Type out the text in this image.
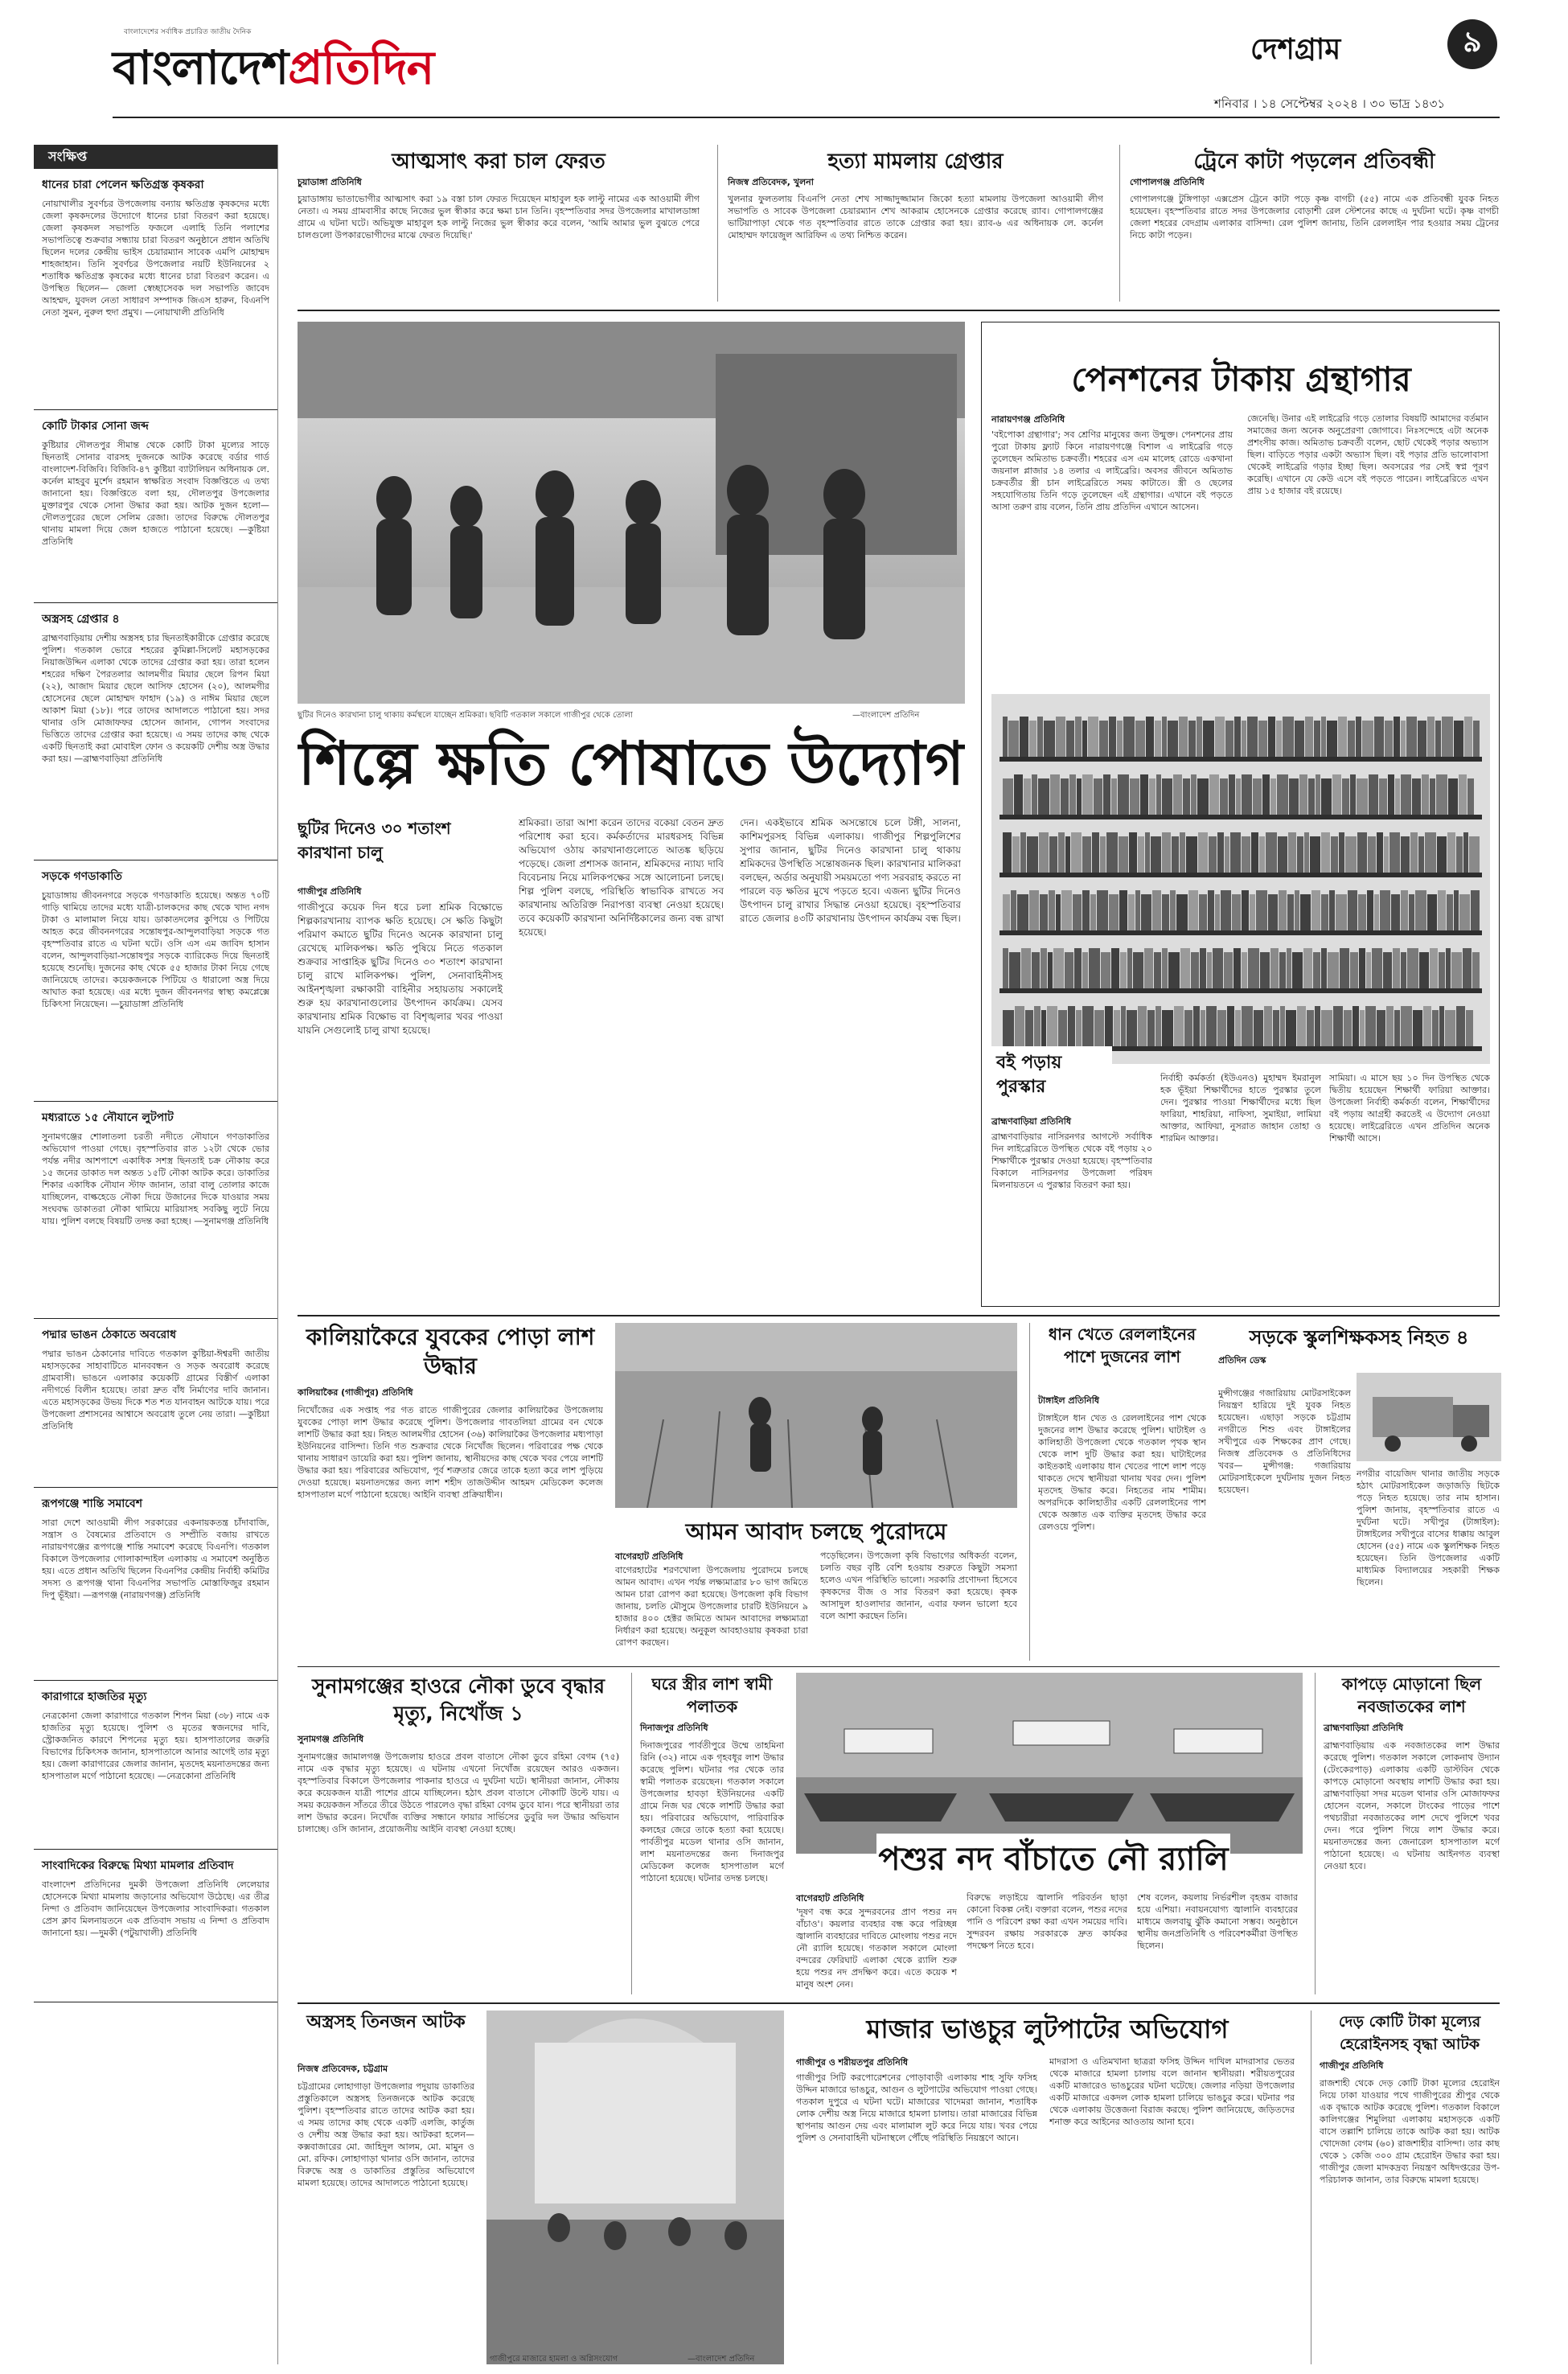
বাংলাদেশের সর্বাধিক প্রচারিত জাতীয় দৈনিক
বাংলাদেশপ্রতিদিন	দেশগ্রাম	৯
শনিবার । ১৪ সেপ্টেম্বর ২০২৪ । ৩০ ভাদ্র ১৪৩১
সংক্ষিপ্ত
ধানের চারা পেলেন ক্ষতিগ্রস্ত কৃষকরা
নোয়াখালীর সুবর্ণচর উপজেলায় বন্যায় ক্ষতিগ্রস্ত কৃষকদের মধ্যে জেলা কৃষকদলের উদ্যোগে ধানের চারা বিতরণ করা হয়েছে। জেলা কৃষকদল সভাপতি ফজলে এলাহি তিনি পলাশের সভাপতিত্বে শুক্রবার সন্ধ্যায় চারা বিতরণ অনুষ্ঠানে প্রধান অতিথি ছিলেন দলের কেন্দ্রীয় ভাইস চেয়ারম্যান সাবেক এমপি মোহাম্মদ শাহজাহান। তিনি সুবর্ণচর উপজেলার নয়টি ইউনিয়নের ২ শতাধিক ক্ষতিগ্রস্ত কৃষকের মধ্যে ধানের চারা বিতরণ করেন। এ উপস্থিত ছিলেন— জেলা স্বেচ্ছাসেবক দল সভাপতি জাবেদ আহম্মদ, যুবদল নেতা সাধারণ সম্পাদক জিএস হারুন, বিএনপি নেতা সুমন, নুরুল হুদা প্রমুখ। —নোয়াখালী প্রতিনিধি
কোটি টাকার সোনা জব্দ
কুষ্টিয়ার দৌলতপুর সীমান্ত থেকে কোটি টাকা মূল্যের সাড়ে ছিনতাই সোনার বারসহ দুজনকে আটক করেছে বর্ডার গার্ড বাংলাদেশ-বিজিবি। বিজিবি-৪৭ কুষ্টিয়া ব্যাটালিয়ন অধিনায়ক লে. কর্নেল মাহবুব মুর্শেদ রহমান স্বাক্ষরিত সংবাদ বিজ্ঞপ্তিতে এ তথ্য জানানো হয়। বিজ্ঞপ্তিতে বলা হয়, দৌলতপুর উপজেলার মুক্তারপুর থেকে সোনা উদ্ধার করা হয়। আটক দুজন হলো— দৌলতপুরের ছেলে সেলিম রেজা। তাদের বিরুদ্ধে দৌলতপুর থানায় মামলা দিয়ে জেল হাজতে পাঠানো হয়েছে। —কুষ্টিয়া প্রতিনিধি
অস্ত্রসহ গ্রেপ্তার ৪
ব্রাহ্মণবাড়িয়ায় দেশীয় অস্ত্রসহ চার ছিনতাইকারীকে গ্রেপ্তার করেছে পুলিশ। গতকাল ভোরে শহরের কুমিল্লা-সিলেট মহাসড়কের নিয়াজউদ্দিন এলাকা থেকে তাদের গ্রেপ্তার করা হয়। তারা হলেন শহরের দক্ষিণ পৈরতলার আলমগীর মিয়ার ছেলে রিপন মিয়া (২২), আজাদ মিয়ার ছেলে আসিফ হোসেন (২০), আলমগীর হোসেনের ছেলে মোহাম্মদ ফাহাদ (১৯) ও নাঈম মিয়ার ছেলে আকাশ মিয়া (১৮)। পরে তাদের আদালতে পাঠানো হয়। সদর থানার ওসি মোজাফফর হোসেন জানান, গোপন সংবাদের ভিত্তিতে তাদের গ্রেপ্তার করা হয়েছে। এ সময় তাদের কাছ থেকে একটি ছিনতাই করা মোবাইল ফোন ও কয়েকটি দেশীয় অস্ত্র উদ্ধার করা হয়। —ব্রাহ্মণবাড়িয়া প্রতিনিধি
সড়কে গণডাকাতি
চুয়াডাঙ্গায় জীবননগরে সড়কে গণডাকাতি হয়েছে। অন্তত ৭০টি গাড়ি থামিয়ে তাদের মধ্যে যাত্রী-চালকদের কাছ থেকে খাদ্য নগদ টাকা ও মালামাল নিয়ে যায়। ডাকাতদলের কুপিয়ে ও পিটিয়ে আহত করে জীবননগরের সন্তোষপুর-আন্দুলবাড়িয়া সড়কে গত বৃহস্পতিবার রাতে এ ঘটনা ঘটে। ওসি এস এম জাবিদ হাসান বলেন, আন্দুলবাড়িয়া-সন্তোষপুর সড়কে ব্যারিকেড দিয়ে ছিনতাই হয়েছে শুনেছি। দুজনের কাছ থেকে ৫৫ হাজার টাকা নিয়ে গেছে জানিয়েছে তাদের। কয়েকজনকে পিটিয়ে ও ধারালো অস্ত্র দিয়ে আঘাত করা হয়েছে। এর মধ্যে দুজন জীবননগর স্বাস্থ্য কমপ্লেক্সে চিকিৎসা নিয়েছেন। —চুয়াডাঙ্গা প্রতিনিধি
মধ্যরাতে ১৫ নৌযানে লুটপাট
সুনামগঞ্জের শোলাতলা চরতী নদীতে নৌযানে গণডাকাতির অভিযোগ পাওয়া গেছে। বৃহস্পতিবার রাত ১২টা থেকে ভোর পর্যন্ত নদীর আশপাশে একাধিক সশস্ত্র ছিনতাই চক্র নৌকায় করে ১৫ জনের ডাকাত দল অন্তত ১৫টি নৌকা আটক করে। ডাকাতির শিকার একাধিক নৌযান স্টাফ জানান, তারা বালু তোলার কাজে যাচ্ছিলেন, বাল্কহেডে নৌকা দিয়ে উজানের দিকে যাওয়ার সময় সংঘবদ্ধ ডাকাতরা নৌকা থামিয়ে মারিয়াসহ সবকিছু লুটে নিয়ে যায়। পুলিশ বলছে বিষয়টি তদন্ত করা হচ্ছে। —সুনামগঞ্জ প্রতিনিধি
পদ্মার ভাঙন ঠেকাতে অবরোধ
পদ্মার ভাঙন ঠেকানোর দাবিতে গতকাল কুষ্টিয়া-ঈশ্বরদী জাতীয় মহাসড়কের সাহাবাটিতে মানববন্ধন ও সড়ক অবরোধ করেছে গ্রামবাসী। ভাঙনে এলাকার কয়েকটি গ্রামের বিস্তীর্ণ এলাকা নদীগর্ভে বিলীন হয়েছে। তারা দ্রুত বাঁধ নির্মাণের দাবি জানান। এতে মহাসড়কের উভয় দিকে শত শত যানবাহন আটকে যায়। পরে উপজেলা প্রশাসনের আশ্বাসে অবরোধ তুলে নেয় তারা। —কুষ্টিয়া প্রতিনিধি
রূপগঞ্জে শান্তি সমাবেশ
সারা দেশে আওয়ামী লীগ সরকারের একনায়কতন্ত্র চাঁদাবাজি, সন্ত্রাস ও বৈষম্যের প্রতিবাদে ও সম্প্রীতি বজায় রাখতে নারায়ণগঞ্জের রূপগঞ্জে শান্তি সমাবেশ করেছে বিএনপি। গতকাল বিকালে উপজেলার গোলাকান্দাইল এলাকায় এ সমাবেশ অনুষ্ঠিত হয়। এতে প্রধান অতিথি ছিলেন বিএনপির কেন্দ্রীয় নির্বাহী কমিটির সদস্য ও রূপগঞ্জ থানা বিএনপির সভাপতি মোস্তাফিজুর রহমান দিপু ভূঁইয়া। —রূপগঞ্জ (নারায়ণগঞ্জ) প্রতিনিধি
কারাগারে হাজতির মৃত্যু
নেত্রকোনা জেলা কারাগারে গতকাল শিপন মিয়া (৩৮) নামে এক হাজতির মৃত্যু হয়েছে। পুলিশ ও মৃতের স্বজনদের দাবি, স্ট্রোকজনিত কারণে শিপনের মৃত্যু হয়। হাসপাতালের জরুরি বিভাগের চিকিৎসক জানান, হাসপাতালে আনার আগেই তার মৃত্যু হয়। জেলা কারাগারের জেলার জানান, মৃতদেহ ময়নাতদন্তের জন্য হাসপাতাল মর্গে পাঠানো হয়েছে। —নেত্রকোনা প্রতিনিধি
সাংবাদিকের বিরুদ্ধে মিথ্যা মামলার প্রতিবাদ
বাংলাদেশ প্রতিদিনের দুমকী উপজেলা প্রতিনিধি লেলেয়ার হোসেনকে মিথ্যা মামলায় জড়ানোর অভিযোগ উঠেছে। এর তীব্র নিন্দা ও প্রতিবাদ জানিয়েছেন উপজেলার সাংবাদিকরা। গতকাল প্রেস ক্লাব মিলনায়তনে এক প্রতিবাদ সভায় এ নিন্দা ও প্রতিবাদ জানানো হয়। —দুমকী (পটুয়াখালী) প্রতিনিধি
আত্মসাৎ করা চাল ফেরত
চুয়াডাঙ্গা প্রতিনিধি
চুয়াডাঙ্গায় ভাতাভোগীর আত্মসাৎ করা ১৯ বস্তা চাল ফেরত দিয়েছেন মাহাবুল হক লাল্টু নামের এক আওয়ামী লীগ নেতা। এ সময় গ্রামবাসীর কাছে নিজের ভুল স্বীকার করে ক্ষমা চান তিনি। বৃহস্পতিবার সদর উপজেলার মাখালডাঙ্গা গ্রামে এ ঘটনা ঘটে। অভিযুক্ত মাহাবুল হক লাল্টু নিজের ভুল স্বীকার করে বলেন, 'আমি আমার ভুল বুঝতে পেরে চালগুলো উপকারভোগীদের মাঝে ফেরত দিয়েছি।'
হত্যা মামলায় গ্রেপ্তার
নিজস্ব প্রতিবেদক, খুলনা
খুলনার ফুলতলায় বিএনপি নেতা শেখ সাজ্জাদুজ্জামান জিকো হত্যা মামলায় উপজেলা আওয়ামী লীগ সভাপতি ও সাবেক উপজেলা চেয়ারম্যান শেখ আকরাম হোসেনকে গ্রেপ্তার করেছে র‍্যাব। গোপালগঞ্জের ভাটিয়াপাড়া থেকে গত বৃহস্পতিবার রাতে তাকে গ্রেপ্তার করা হয়। র‍্যাব-৬ এর অধিনায়ক লে. কর্নেল মোহাম্মদ ফায়েজুল আরিফিন এ তথ্য নিশ্চিত করেন।
ট্রেনে কাটা পড়লেন প্রতিবন্ধী
গোপালগঞ্জ প্রতিনিধি
গোপালগঞ্জে টুঙ্গিপাড়া এক্সপ্রেস ট্রেনে কাটা পড়ে কৃষ্ণ বাগচী (৫৫) নামে এক প্রতিবন্ধী যুবক নিহত হয়েছেন। বৃহস্পতিবার রাতে সদর উপজেলার বোড়াশী রেল স্টেশনের কাছে এ দুর্ঘটনা ঘটে। কৃষ্ণ বাগচী জেলা শহরের বেদগ্রাম এলাকার বাসিন্দা। রেল পুলিশ জানায়, তিনি রেললাইন পার হওয়ার সময় ট্রেনের নিচে কাটা পড়েন।
ছুটির দিনেও কারখানা চালু থাকায় কর্মস্থলে যাচ্ছেন শ্রমিকরা। ছবিটি গতকাল সকালে গাজীপুর থেকে তোলা	—বাংলাদেশ প্রতিদিন
শিল্পে ক্ষতি পোষাতে উদ্যোগ
ছুটির দিনেও ৩০ শতাংশ কারখানা চালু
গাজীপুর প্রতিনিধি
গাজীপুরে কয়েক দিন ধরে চলা শ্রমিক বিক্ষোভে শিল্পকারখানায় ব্যাপক ক্ষতি হয়েছে। সে ক্ষতি কিছুটা পরিমাণ কমাতে ছুটির দিনেও অনেক কারখানা চালু রেখেছে মালিকপক্ষ। ক্ষতি পুষিয়ে নিতে গতকাল শুক্রবার সাপ্তাহিক ছুটির দিনেও ৩০ শতাংশ কারখানা চালু রাখে মালিকপক্ষ। পুলিশ, সেনাবাহিনীসহ আইনশৃঙ্খলা রক্ষাকারী বাহিনীর সহায়তায় সকালেই শুরু হয় কারখানাগুলোর উৎপাদন কার্যক্রম। যেসব কারখানায় শ্রমিক বিক্ষোভ বা বিশৃঙ্খলার খবর পাওয়া যায়নি সেগুলোই চালু রাখা হয়েছে।
শ্রমিকরা। তারা আশা করেন তাদের বকেয়া বেতন দ্রুত পরিশোধ করা হবে। কর্মকর্তাদের মারধরসহ বিভিন্ন অভিযোগ ওঠায় কারখানাগুলোতে আতঙ্ক ছড়িয়ে পড়েছে। জেলা প্রশাসক জানান, শ্রমিকদের ন্যায্য দাবি বিবেচনায় নিয়ে মালিকপক্ষের সঙ্গে আলোচনা চলছে। শিল্প পুলিশ বলছে, পরিস্থিতি স্বাভাবিক রাখতে সব কারখানায় অতিরিক্ত নিরাপত্তা ব্যবস্থা নেওয়া হয়েছে। তবে কয়েকটি কারখানা অনির্দিষ্টকালের জন্য বন্ধ রাখা হয়েছে।
দেন। একইভাবে শ্রমিক অসন্তোষে চলে টঙ্গী, সালনা, কাশিমপুরসহ বিভিন্ন এলাকায়। গাজীপুর শিল্পপুলিশের সুপার জানান, ছুটির দিনেও কারখানা চালু থাকায় শ্রমিকদের উপস্থিতি সন্তোষজনক ছিল। কারখানার মালিকরা বলছেন, অর্ডার অনুযায়ী সময়মতো পণ্য সরবরাহ করতে না পারলে বড় ক্ষতির মুখে পড়তে হবে। এজন্য ছুটির দিনেও উৎপাদন চালু রাখার সিদ্ধান্ত নেওয়া হয়েছে। বৃহস্পতিবার রাতে জেলার ৪৩টি কারখানায় উৎপাদন কার্যক্রম বন্ধ ছিল।
পেনশনের টাকায় গ্রন্থাগার
নারায়ণগঞ্জ প্রতিনিধি
'বইপোকা গ্রন্থাগার'; সব শ্রেণির মানুষের জন্য উন্মুক্ত। পেনশনের প্রায় পুরো টাকায় ফ্ল্যাট কিনে নারায়ণগঞ্জে বিশাল এ লাইব্রেরি গড়ে তুলেছেন অমিতাভ চক্রবর্তী। শহরের এস এম মালেহ রোডে একখানা জয়নাল প্লাজার ১৪ তলার এ লাইব্রেরি। অবসর জীবনে অমিতাভ চক্রবর্তীর স্ত্রী চান লাইব্রেরিতে সময় কাটাতে। স্ত্রী ও ছেলের সহযোগিতায় তিনি গড়ে তুলেছেন এই গ্রন্থাগার। এখানে বই পড়তে আসা তরুণ রায় বলেন, তিনি প্রায় প্রতিদিন এখানে আসেন।
জেনেছি। উনার এই লাইব্রেরি গড়ে তোলার বিষয়টি আমাদের বর্তমান সমাজের জন্য অনেক অনুপ্রেরণা জোগাবে। নিঃসন্দেহে এটা অনেক প্রশংসীয় কাজ। অমিতাভ চক্রবর্তী বলেন, ছোট থেকেই পড়ার অভ্যাস ছিল। বাড়িতে পড়ার একটা অভ্যাস ছিল। বই পড়ার প্রতি ভালোবাসা থেকেই লাইব্রেরি গড়ার ইচ্ছা ছিল। অবসরের পর সেই স্বপ্ন পূরণ করেছি। এখানে যে কেউ এসে বই পড়তে পারেন। লাইব্রেরিতে এখন প্রায় ১৫ হাজার বই রয়েছে।
বই পড়ায় পুরস্কার
ব্রাহ্মণবাড়িয়া প্রতিনিধি
ব্রাহ্মণবাড়িয়ার নাসিরনগর আগস্টে সর্বাধিক দিন লাইব্রেরিতে উপস্থিত থেকে বই পড়ায় ২০ শিক্ষার্থীকে পুরস্কার দেওয়া হয়েছে। বৃহস্পতিবার বিকালে নাসিরনগর উপজেলা পরিষদ মিলনায়তনে এ পুরস্কার বিতরণ করা হয়।
নির্বাহী কর্মকর্তা (ইউএনও) মুহাম্মদ ইমরানুল হক ভূঁইয়া শিক্ষার্থীদের হাতে পুরস্কার তুলে দেন। পুরস্কার পাওয়া শিক্ষার্থীদের মধ্যে ছিল ফারিয়া, শাহরিয়া, নাফিসা, সুমাইয়া, লামিয়া আক্তার, আফিয়া, নুসরাত জাহান তোহা ও শারমিন আক্তার।
সামিয়া। এ মাসে ছয় ১০ দিন উপস্থিত থেকে দ্বিতীয় হয়েছেন শিক্ষার্থী ফারিয়া আক্তার। উপজেলা নির্বাহী কর্মকর্তা বলেন, শিক্ষার্থীদের বই পড়ায় আগ্রহী করতেই এ উদ্যোগ নেওয়া হয়েছে। লাইব্রেরিতে এখন প্রতিদিন অনেক শিক্ষার্থী আসে।
কালিয়াকৈরে যুবকের পোড়া লাশ উদ্ধার
কালিয়াকৈর (গাজীপুর) প্রতিনিধি
নিখোঁজের এক সপ্তাহ পর গত রাতে গাজীপুরের জেলার কালিয়াকৈর উপজেলায় যুবকের পোড়া লাশ উদ্ধার করেছে পুলিশ। উপজেলার গাবতলিয়া গ্রামের বন থেকে লাশটি উদ্ধার করা হয়। নিহত আলমগীর হোসেন (৩৬) কালিয়াকৈর উপজেলার মধ্যপাড়া ইউনিয়নের বাসিন্দা। তিনি গত শুক্রবার থেকে নিখোঁজ ছিলেন। পরিবারের পক্ষ থেকে থানায় সাধারণ ডায়েরি করা হয়। পুলিশ জানায়, স্থানীয়দের কাছ থেকে খবর পেয়ে লাশটি উদ্ধার করা হয়। পরিবারের অভিযোগ, পূর্ব শত্রুতার জেরে তাকে হত্যা করে লাশ পুড়িয়ে দেওয়া হয়েছে। ময়নাতদন্তের জন্য লাশ শহীদ তাজউদ্দীন আহমদ মেডিকেল কলেজ হাসপাতাল মর্গে পাঠানো হয়েছে। আইনি ব্যবস্থা প্রক্রিয়াধীন।
আমন আবাদ চলছে পুরোদমে
বাগেরহাট প্রতিনিধি
বাগেরহাটের শরণখোলা উপজেলায় পুরোদমে চলছে আমন আবাদ। এখন পর্যন্ত লক্ষ্যমাত্রার ৮০ ভাগ জমিতে আমন চারা রোপণ করা হয়েছে। উপজেলা কৃষি বিভাগ জানায়, চলতি মৌসুমে উপজেলার চারটি ইউনিয়নে ৯ হাজার ৪০০ হেক্টর জমিতে আমন আবাদের লক্ষ্যমাত্রা নির্ধারণ করা হয়েছে। অনুকূল আবহাওয়ায় কৃষকরা চারা রোপণ করছেন।
পড়েছিলেন। উপজেলা কৃষি বিভাগের অধিকর্তা বলেন, চলতি বছর বৃষ্টি বেশি হওয়ায় শুরুতে কিছুটা সমস্যা হলেও এখন পরিস্থিতি ভালো। সরকারি প্রণোদনা হিসেবে কৃষকদের বীজ ও সার বিতরণ করা হয়েছে। কৃষক আসাদুল হাওলাদার জানান, এবার ফলন ভালো হবে বলে আশা করছেন তিনি।
ধান খেতে রেললাইনের পাশে দুজনের লাশ
টাঙ্গাইল প্রতিনিধি
টাঙ্গাইলে ধান খেত ও রেললাইনের পাশ থেকে দুজনের লাশ উদ্ধার করেছে পুলিশ। ঘাটাইল ও কালিহাতী উপজেলা থেকে গতকাল পৃথক স্থান থেকে লাশ দুটি উদ্ধার করা হয়। ঘাটাইলের কাইতকাই এলাকায় ধান খেতের পাশে লাশ পড়ে থাকতে দেখে স্থানীয়রা থানায় খবর দেন। পুলিশ মৃতদেহ উদ্ধার করে। নিহতের নাম শামীম। অপরদিকে কালিহাতীর একটি রেললাইনের পাশ থেকে অজ্ঞাত এক ব্যক্তির মৃতদেহ উদ্ধার করে রেলওয়ে পুলিশ।
সড়কে স্কুলশিক্ষকসহ নিহত ৪
প্রতিদিন ডেস্ক
মুন্সীগঞ্জের গজারিয়ায় মোটরসাইকেল নিয়ন্ত্রণ হারিয়ে দুই যুবক নিহত হয়েছেন। এছাড়া সড়কে চট্টগ্রাম নগরীতে শিশু এবং টাঙ্গাইলের সখীপুরে এক শিক্ষকের প্রাণ গেছে। নিজস্ব প্রতিবেদক ও প্রতিনিধিদের খবর— মুন্সীগঞ্জ: গজারিয়ায় মোটরসাইকেলে দুর্ঘটনায় দুজন নিহত হয়েছেন।
নগরীর বায়েজিদ থানার জাতীয় সড়কে হঠাৎ মোটরসাইকেল জড়াজড়ি ছিটকে পড়ে নিহত হয়েছে। তার নাম হাসান। পুলিশ জানায়, বৃহস্পতিবার রাতে এ দুর্ঘটনা ঘটে। সখীপুর (টাঙ্গাইল): টাঙ্গাইলের সখীপুরে বাসের ধাক্কায় আবুল হোসেন (৫৫) নামে এক স্কুলশিক্ষক নিহত হয়েছেন। তিনি উপজেলার একটি মাধ্যমিক বিদ্যালয়ের সহকারী শিক্ষক ছিলেন।
সুনামগঞ্জের হাওরে নৌকা ডুবে বৃদ্ধার মৃত্যু, নিখোঁজ ১
সুনামগঞ্জ প্রতিনিধি
সুনামগঞ্জের জামালগঞ্জ উপজেলায় হাওরে প্রবল বাতাসে নৌকা ডুবে রহিমা বেগম (৭৫) নামে এক বৃদ্ধার মৃত্যু হয়েছে। এ ঘটনায় এখনো নিখোঁজ রয়েছেন আরও একজন। বৃহস্পতিবার বিকালে উপজেলার পাকনার হাওরে এ দুর্ঘটনা ঘটে। স্থানীয়রা জানান, নৌকায় করে কয়েকজন যাত্রী পাশের গ্রামে যাচ্ছিলেন। হঠাৎ প্রবল বাতাসে নৌকাটি উল্টে যায়। এ সময় কয়েকজন সাঁতরে তীরে উঠতে পারলেও বৃদ্ধা রহিমা বেগম ডুবে যান। পরে স্থানীয়রা তার লাশ উদ্ধার করেন। নিখোঁজ ব্যক্তির সন্ধানে ফায়ার সার্ভিসের ডুবুরি দল উদ্ধার অভিযান চালাচ্ছে। ওসি জানান, প্রয়োজনীয় আইনি ব্যবস্থা নেওয়া হচ্ছে।
ঘরে স্ত্রীর লাশ স্বামী পলাতক
দিনাজপুর প্রতিনিধি
দিনাজপুরের পার্বতীপুরে উম্মে তাহমিনা রিনি (৩২) নামে এক গৃহবধূর লাশ উদ্ধার করেছে পুলিশ। ঘটনার পর থেকে তার স্বামী পলাতক রয়েছেন। গতকাল সকালে উপজেলার হাবড়া ইউনিয়নের একটি গ্রামে নিজ ঘর থেকে লাশটি উদ্ধার করা হয়। পরিবারের অভিযোগ, পারিবারিক কলহের জেরে তাকে হত্যা করা হয়েছে। পার্বতীপুর মডেল থানার ওসি জানান, লাশ ময়নাতদন্তের জন্য দিনাজপুর মেডিকেল কলেজ হাসপাতাল মর্গে পাঠানো হয়েছে। ঘটনার তদন্ত চলছে।
পশুর নদ বাঁচাতে নৌ র‍্যালি
বাগেরহাট প্রতিনিধি
'দূষণ বন্ধ করে সুন্দরবনের প্রাণ পশুর নদ বাঁচাও'। কয়লার ব্যবহার বন্ধ করে পরিচ্ছন্ন জ্বালানি ব্যবহারের দাবিতে মোংলায় পশুর নদে নৌ র‍্যালি হয়েছে। গতকাল সকালে মোংলা বন্দরের ফেরিঘাট এলাকা থেকে র‍্যালি শুরু হয়ে পশুর নদ প্রদক্ষিণ করে। এতে কয়েক শ মানুষ অংশ নেন।
বিরুদ্ধে লড়াইয়ে জ্বালানি পরিবর্তন ছাড়া কোনো বিকল্প নেই। বক্তারা বলেন, পশুর নদের পানি ও পরিবেশ রক্ষা করা এখন সময়ের দাবি। সুন্দরবন রক্ষায় সরকারকে দ্রুত কার্যকর পদক্ষেপ নিতে হবে।
শেষ বলেন, কয়লায় নির্ভরশীল বৃহত্তম বাজার হয়ে এশিয়া। নবায়নযোগ্য জ্বালানি ব্যবহারের মাধ্যমে জলবায়ু ঝুঁকি কমানো সম্ভব। অনুষ্ঠানে স্থানীয় জনপ্রতিনিধি ও পরিবেশকর্মীরা উপস্থিত ছিলেন।
কাপড়ে মোড়ানো ছিল নবজাতকের লাশ
ব্রাহ্মণবাড়িয়া প্রতিনিধি
ব্রাহ্মণবাড়িয়ায় এক নবজাতকের লাশ উদ্ধার করেছে পুলিশ। গতকাল সকালে লোকনাথ উদ্যান (টেংকেরপাড়) এলাকায় একটি ডাস্টবিন থেকে কাপড়ে মোড়ানো অবস্থায় লাশটি উদ্ধার করা হয়। ব্রাহ্মণবাড়িয়া সদর মডেল থানার ওসি মোজাফফর হোসেন বলেন, সকালে টাংকের পাড়ের পাশে পথচারীরা নবজাতকের লাশ দেখে পুলিশে খবর দেন। পরে পুলিশ গিয়ে লাশ উদ্ধার করে। ময়নাতদন্তের জন্য জেনারেল হাসপাতাল মর্গে পাঠানো হয়েছে। এ ঘটনায় আইনগত ব্যবস্থা নেওয়া হবে।
অস্ত্রসহ তিনজন আটক
নিজস্ব প্রতিবেদক, চট্টগ্রাম
চট্টগ্রামের লোহাগাড়া উপজেলার পদুয়ায় ডাকাতির প্রস্তুতিকালে অস্ত্রসহ তিনজনকে আটক করেছে পুলিশ। বৃহস্পতিবার রাতে তাদের আটক করা হয়। এ সময় তাদের কাছ থেকে একটি এলজি, কার্তুজ ও দেশীয় অস্ত্র উদ্ধার করা হয়। আটকরা হলেন— কক্সবাজারের মো. জাহিদুল আলম, মো. মামুন ও মো. রফিক। লোহাগাড়া থানার ওসি জানান, তাদের বিরুদ্ধে অস্ত্র ও ডাকাতির প্রস্তুতির অভিযোগে মামলা হয়েছে। তাদের আদালতে পাঠানো হয়েছে।
গাজীপুরে মাজারে হামলা ও অগ্নিসংযোগ	—বাংলাদেশ প্রতিদিন
মাজার ভাঙচুর লুটপাটের অভিযোগ
গাজীপুর ও শরীয়তপুর প্রতিনিধি
গাজীপুর সিটি করপোরেশনের পোড়াবাড়ী এলাকায় শাহ সুফি ফসিহ উদ্দিন মাজারে ভাঙচুর, আগুন ও লুটপাটের অভিযোগ পাওয়া গেছে। গতকাল দুপুরে এ ঘটনা ঘটে। মাজারের খাদেমরা জানান, শতাধিক লোক দেশীয় অস্ত্র নিয়ে মাজারে হামলা চালায়। তারা মাজারের বিভিন্ন স্থাপনায় আগুন দেয় এবং মালামাল লুট করে নিয়ে যায়। খবর পেয়ে পুলিশ ও সেনাবাহিনী ঘটনাস্থলে পৌঁছে পরিস্থিতি নিয়ন্ত্রণে আনে।
মাদরাসা ও এতিমখানা ছাত্ররা ফসিহ উদ্দিন দাখিল মাদরাসার ভেতর থেকে মাজারে হামলা চালায় বলে জানান স্থানীয়রা। শরীয়তপুরের একটি মাজারেও ভাঙচুরের ঘটনা ঘটেছে। জেলার নড়িয়া উপজেলার একটি মাজারে একদল লোক হামলা চালিয়ে ভাঙচুর করে। ঘটনার পর থেকে এলাকায় উত্তেজনা বিরাজ করছে। পুলিশ জানিয়েছে, জড়িতদের শনাক্ত করে আইনের আওতায় আনা হবে।
দেড় কোটি টাকা মূল্যের হেরোইনসহ বৃদ্ধা আটক
গাজীপুর প্রতিনিধি
রাজশাহী থেকে দেড় কোটি টাকা মূল্যের হেরোইন নিয়ে ঢাকা যাওয়ার পথে গাজীপুরের শ্রীপুর থেকে এক বৃদ্ধাকে আটক করেছে পুলিশ। গতকাল বিকালে কালিগঞ্জের শিমুলিয়া এলাকায় মহাসড়কে একটি বাসে তল্লাশি চালিয়ে তাকে আটক করা হয়। আটক খোদেজা বেগম (৬০) রাজশাহীর বাসিন্দা। তার কাছ থেকে ১ কেজি ৩০০ গ্রাম হেরোইন উদ্ধার করা হয়। গাজীপুর জেলা মাদকদ্রব্য নিয়ন্ত্রণ অধিদপ্তরের উপ-পরিচালক জানান, তার বিরুদ্ধে মামলা হয়েছে।
